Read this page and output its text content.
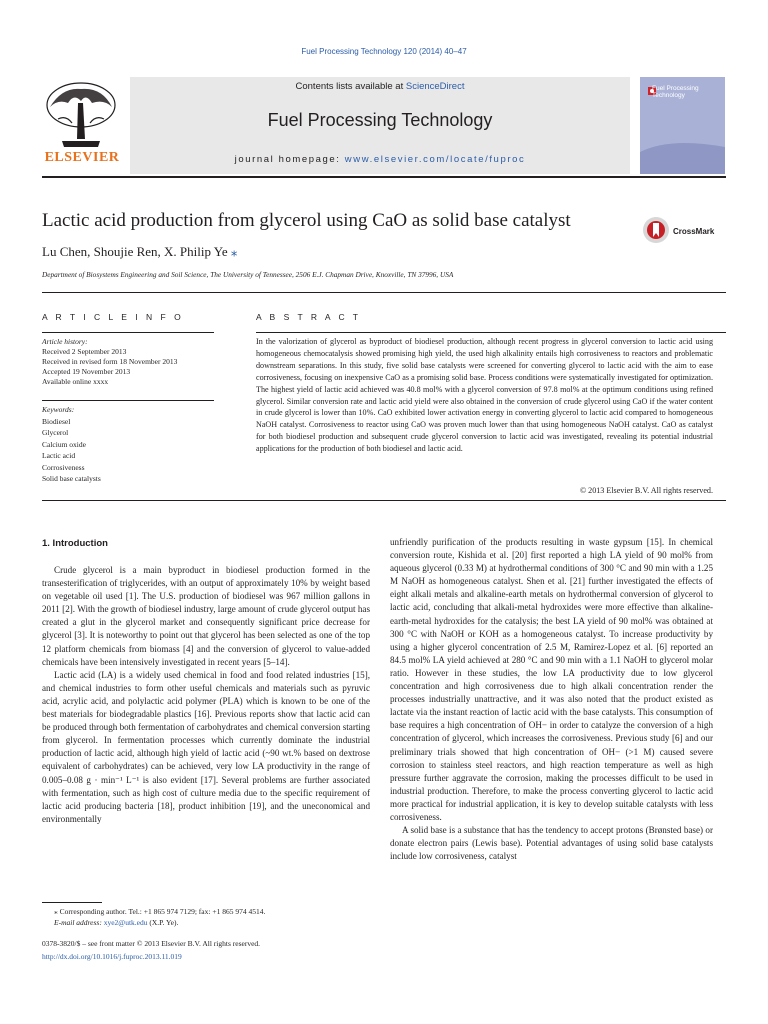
Fuel Processing Technology 120 (2014) 40–47
ELSEVIER
Contents lists available at ScienceDirect
Fuel Processing Technology
journal homepage: www.elsevier.com/locate/fuproc
Fuel Processing Technology
Lactic acid production from glycerol using CaO as solid base catalyst
CrossMark
Lu Chen, Shoujie Ren, X. Philip Ye ⁎
Department of Biosystems Engineering and Soil Science, The University of Tennessee, 2506 E.J. Chapman Drive, Knoxville, TN 37996, USA
A R T I C L E I N F O	A B S T R A C T
Article history:
Received 2 September 2013
Received in revised form 18 November 2013
Accepted 19 November 2013
Available online xxxx
Keywords:
Biodiesel
Glycerol
Calcium oxide
Lactic acid
Corrosiveness
Solid base catalysts
In the valorization of glycerol as byproduct of biodiesel production, although recent progress in glycerol conversion to lactic acid using homogeneous chemocatalysis showed promising high yield, the used high alkalinity entails high corrosiveness to reactors and problematic downstream separations. In this study, five solid base catalysts were screened for converting glycerol to lactic acid with the aim to ease corrosiveness, focusing on inexpensive CaO as a promising solid base. Process conditions were systematically investigated for optimization. The highest yield of lactic acid achieved was 40.8 mol% with a glycerol conversion of 97.8 mol% at the optimum conditions using refined glycerol. Similar conversion rate and lactic acid yield were also obtained in the conversion of crude glycerol using CaO if the water content in crude glycerol is lower than 10%. CaO exhibited lower activation energy in converting glycerol to lactic acid compared to homogeneous NaOH catalyst. Corrosiveness to reactor using CaO was proven much lower than that using homogeneous NaOH catalyst. CaO as catalyst for both biodiesel production and subsequent crude glycerol conversion to lactic acid was investigated, revealing its potential industrial applications for the production of both biodiesel and lactic acid.
© 2013 Elsevier B.V. All rights reserved.
1. Introduction

Crude glycerol is a main byproduct in biodiesel production formed in the transesterification of triglycerides, with an output of approximately 10% by weight based on vegetable oil used [1]. The U.S. production of biodiesel was 967 million gallons in 2011 [2]. With the growth of biodiesel industry, large amount of crude glycerol output has created a glut in the glycerol market and consequently significant price decrease for glycerol [3]. It is noteworthy to point out that glycerol has been selected as one of the top 12 platform chemicals from biomass [4] and the conversion of glycerol to value-added chemicals have been intensively investigated in recent years [5–14].

Lactic acid (LA) is a widely used chemical in food and food related industries [15], and chemical industries to form other useful chemicals and materials such as pyruvic acid, acrylic acid, and polylactic acid polymer (PLA) which is known to be one of the best materials for biodegradable plastics [16]. Previous reports show that lactic acid can be produced through both fermentation of carbohydrates and chemical conversion starting from glycerol. In fermentation processes which currently dominate the industrial production of lactic acid, although high yield of lactic acid (~90 wt.% based on dextrose equivalent of carbohydrates) can be achieved, very low LA productivity in the range of 0.005–0.08 g · min⁻¹ L⁻¹ is also evident [17]. Several problems are further associated with fermentation, such as high cost of culture media due to the specific requirement of lactic acid producing bacteria [18], product inhibition [19], and the uneconomical and environmentally

unfriendly purification of the products resulting in waste gypsum [15]. In chemical conversion route, Kishida et al. [20] first reported a high LA yield of 90 mol% from aqueous glycerol (0.33 M) at hydrothermal conditions of 300 °C and 90 min with a 1.25 M NaOH as homogeneous catalyst. Shen et al. [21] further investigated the effects of eight alkali metals and alkaline-earth metals on hydrothermal conversion of glycerol to lactic acid, concluding that alkali-metal hydroxides were more effective than alkaline-earth-metal hydroxides for the catalysis; the best LA yield of 90 mol% was obtained at 300 °C with NaOH or KOH as a homogeneous catalyst. To increase productivity by using a higher glycerol concentration of 2.5 M, Ramirez-Lopez et al. [6] reported an 84.5 mol% LA yield achieved at 280 °C and 90 min with a 1.1 NaOH to glycerol molar ratio. However in these studies, the low LA productivity due to low glycerol concentration and high corrosiveness due to high alkali concentration render the processes industrially unattractive, and it was also noted that the product existed as lactate via the instant reaction of lactic acid with the base catalysts. This consumption of base requires a high concentration of OH− in order to catalyze the conversion of a high concentration of glycerol, which increases the corrosiveness. Previous study [6] and our preliminary trials showed that high concentration of OH− (>1 M) caused severe corrosion to stainless steel reactors, and high reaction temperature as well as high pressure further aggravate the corrosion, making the processes difficult to be used in industrial production. Therefore, to make the process converting glycerol to lactic acid more practical for industrial application, it is key to develop suitable catalysts with less corrosiveness.

A solid base is a substance that has the tendency to accept protons (Brønsted base) or donate electron pairs (Lewis base). Potential advantages of using solid base catalysts include low corrosiveness, catalyst

⁎ Corresponding author. Tel.: +1 865 974 7129; fax: +1 865 974 4514.

E-mail address: xye2@utk.edu (X.P. Ye).

0378-3820/$ – see front matter © 2013 Elsevier B.V. All rights reserved.

http://dx.doi.org/10.1016/j.fuproc.2013.11.019
